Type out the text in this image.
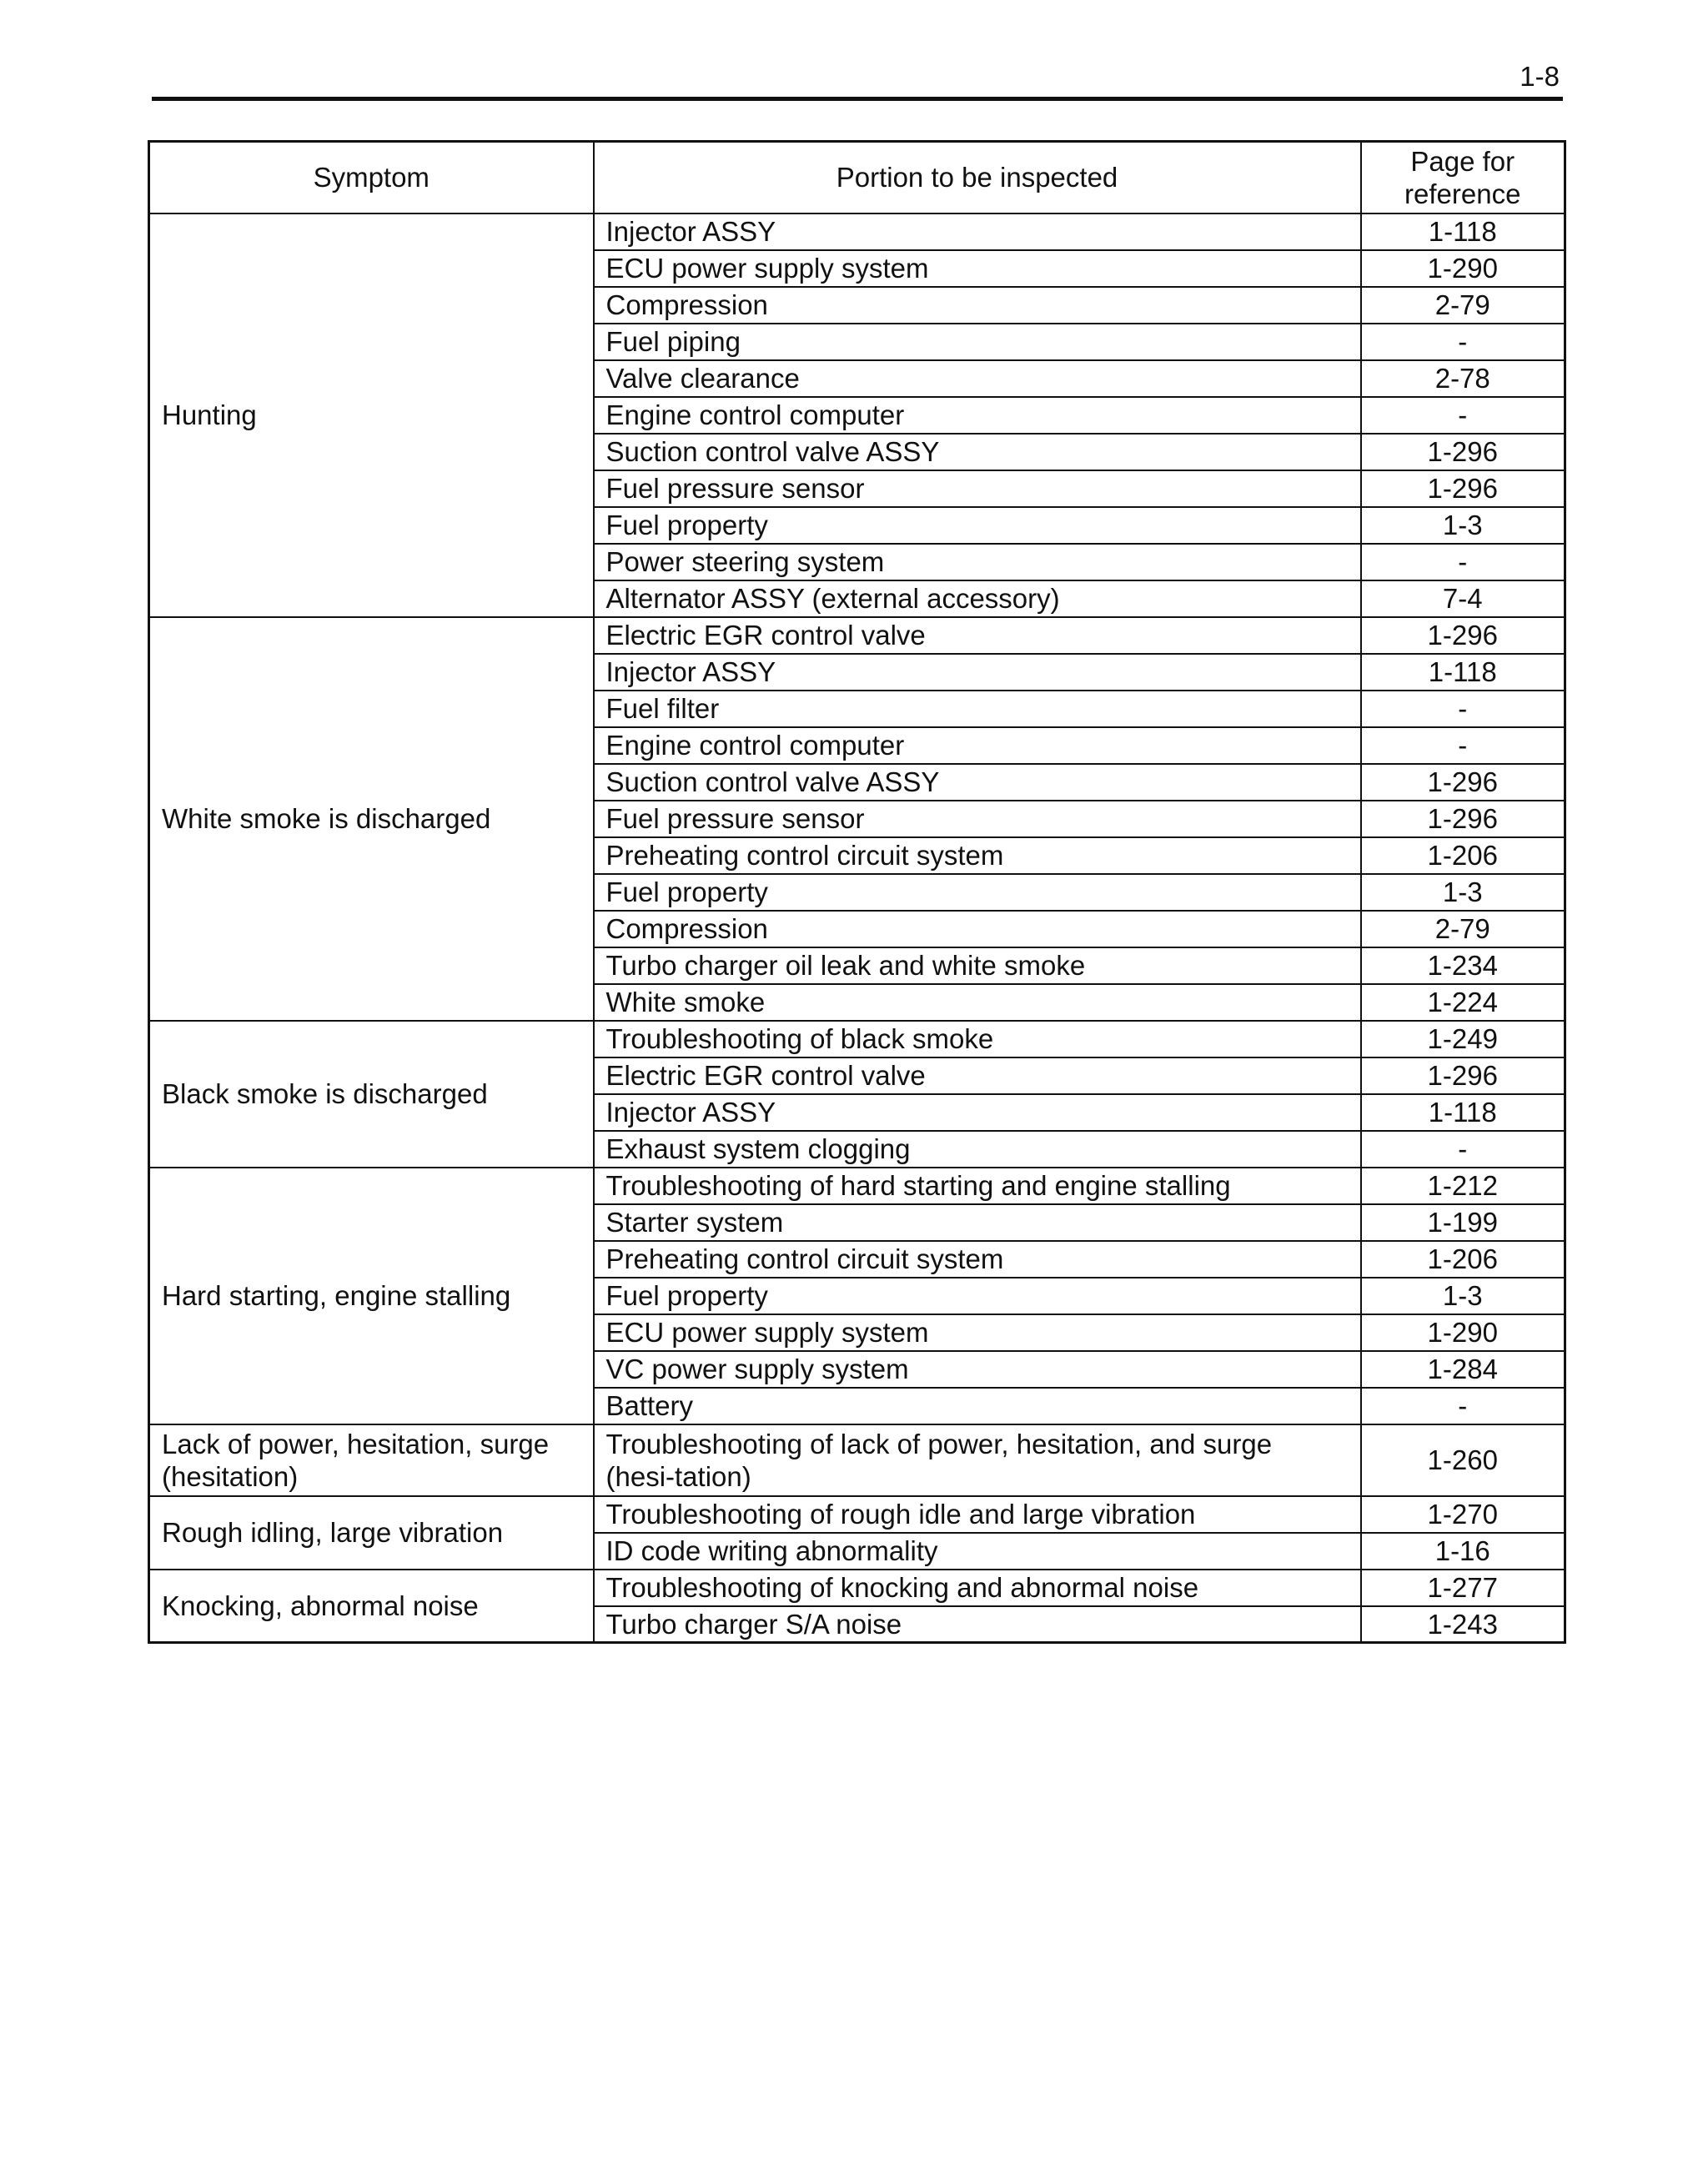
1-8
Symptom	Portion to be inspected	Page for reference
Hunting	Injector ASSY	1-118
	ECU power supply system	1-290
	Compression	2-79
	Fuel piping	-
	Valve clearance	2-78
	Engine control computer	-
	Suction control valve ASSY	1-296
	Fuel pressure sensor	1-296
	Fuel property	1-3
	Power steering system	-
	Alternator ASSY (external accessory)	7-4
White smoke is discharged	Electric EGR control valve	1-296
	Injector ASSY	1-118
	Fuel filter	-
	Engine control computer	-
	Suction control valve ASSY	1-296
	Fuel pressure sensor	1-296
	Preheating control circuit system	1-206
	Fuel property	1-3
	Compression	2-79
	Turbo charger oil leak and white smoke	1-234
	White smoke	1-224
Black smoke is discharged	Troubleshooting of black smoke	1-249
	Electric EGR control valve	1-296
	Injector ASSY	1-118
	Exhaust system clogging	-
Hard starting, engine stalling	Troubleshooting of hard starting and engine stalling	1-212
	Starter system	1-199
	Preheating control circuit system	1-206
	Fuel property	1-3
	ECU power supply system	1-290
	VC power supply system	1-284
	Battery	-
Lack of power, hesitation, surge (hesitation)	Troubleshooting of lack of power, hesitation, and surge (hesi-tation)	1-260
Rough idling, large vibration	Troubleshooting of rough idle and large vibration	1-270
	ID code writing abnormality	1-16
Knocking, abnormal noise	Troubleshooting of knocking and abnormal noise	1-277
	Turbo charger S/A noise	1-243
